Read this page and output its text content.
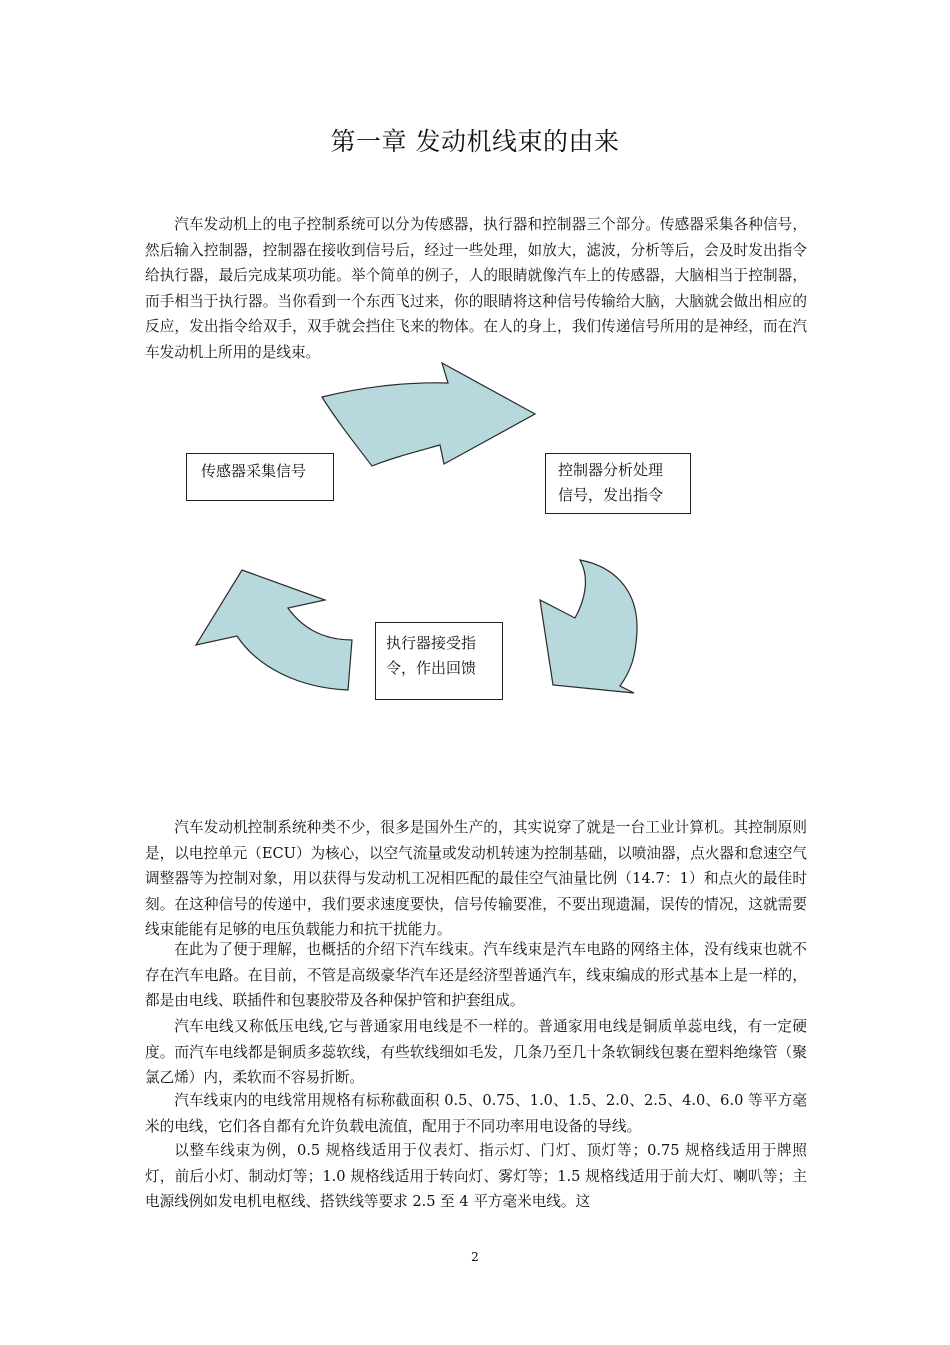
第一章 发动机线束的由来

汽车发动机上的电子控制系统可以分为传感器，执行器和控制器三个部分。传感器采集各种信号，然后输入控制器，控制器在接收到信号后，经过一些处理，如放大，滤波，分析等后，会及时发出指令给执行器，最后完成某项功能。举个简单的例子，人的眼睛就像汽车上的传感器，大脑相当于控制器，而手相当于执行器。当你看到一个东西飞过来，你的眼睛将这种信号传输给大脑，大脑就会做出相应的反应，发出指令给双手，双手就会挡住飞来的物体。在人的身上，我们传递信号所用的是神经，而在汽车发动机上所用的是线束。

传感器采集信号	控制器分析处理
信号，发出指令
执行器接受指
令，作出回馈

汽车发动机控制系统种类不少，很多是国外生产的，其实说穿了就是一台工业计算机。其控制原则是，以电控单元（ECU）为核心，以空气流量或发动机转速为控制基础，以喷油器，点火器和怠速空气调整器等为控制对象，用以获得与发动机工况相匹配的最佳空气油量比例（14.7：1）和点火的最佳时刻。在这种信号的传递中，我们要求速度要快，信号传输要准，不要出现遗漏，误传的情况，这就需要线束能能有足够的电压负载能力和抗干扰能力。

在此为了便于理解，也概括的介绍下汽车线束。汽车线束是汽车电路的网络主体，没有线束也就不存在汽车电路。在目前，不管是高级豪华汽车还是经济型普通汽车，线束编成的形式基本上是一样的，都是由电线、联插件和包裹胶带及各种保护管和护套组成。

汽车电线又称低压电线,它与普通家用电线是不一样的。普通家用电线是铜质单蕊电线，有一定硬度。而汽车电线都是铜质多蕊软线，有些软线细如毛发，几条乃至几十条软铜线包裹在塑料绝缘管（聚氯乙烯）内，柔软而不容易折断。

汽车线束内的电线常用规格有标称截面积 0.5、0.75、1.0、1.5、2.0、2.5、4.0、6.0 等平方毫米的电线，它们各自都有允许负载电流值，配用于不同功率用电设备的导线。

以整车线束为例，0.5 规格线适用于仪表灯、指示灯、门灯、顶灯等；0.75 规格线适用于牌照灯，前后小灯、制动灯等；1.0 规格线适用于转向灯、雾灯等；1.5 规格线适用于前大灯、喇叭等；主电源线例如发电机电枢线、搭铁线等要求 2.5 至 4 平方毫米电线。这

2
